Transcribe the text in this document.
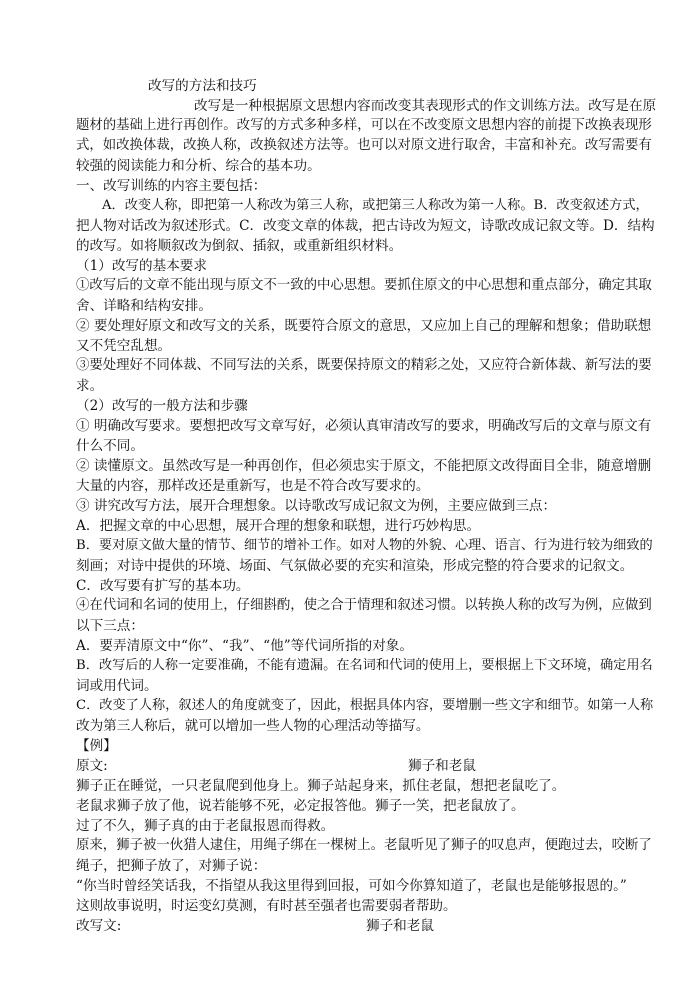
改写的方法和技巧
改写是一种根据原文思想内容而改变其表现形式的作文训练方法。改写是在原
题材的基础上进行再创作。改写的方式多种多样，可以在不改变原文思想内容的前提下改换表现形
式，如改换体裁，改换人称，改换叙述方法等。也可以对原文进行取舍，丰富和补充。改写需要有
较强的阅读能力和分析、综合的基本功。
一、改写训练的内容主要包括：
A．改变人称，即把第一人称改为第三人称，或把第三人称改为第一人称。B．改变叙述方式，
把人物对话改为叙述形式。C．改变文章的体裁，把古诗改为短文，诗歌改成记叙文等。D．结构
的改写。如将顺叙改为倒叙、插叙，或重新组织材料。
（1）改写的基本要求
①改写后的文章不能出现与原文不一致的中心思想。要抓住原文的中心思想和重点部分，确定其取
舍、详略和结构安排。
② 要处理好原文和改写文的关系，既要符合原文的意思，又应加上自己的理解和想象；借助联想
又不凭空乱想。
③要处理好不同体裁、不同写法的关系，既要保持原文的精彩之处，又应符合新体裁、新写法的要
求。
（2）改写的一般方法和步骤
① 明确改写要求。要想把改写文章写好，必须认真审清改写的要求，明确改写后的文章与原文有
什么不同。
② 读懂原文。虽然改写是一种再创作，但必须忠实于原文，不能把原文改得面目全非，随意增删
大量的内容，那样改还是重新写，也是不符合改写要求的。
③ 讲究改写方法，展开合理想象。以诗歌改写成记叙文为例，主要应做到三点：
A．把握文章的中心思想，展开合理的想象和联想，进行巧妙构思。
B．要对原文做大量的情节、细节的增补工作。如对人物的外貌、心理、语言、行为进行较为细致的
刻画；对诗中提供的环境、场面、气氛做必要的充实和渲染，形成完整的符合要求的记叙文。
C．改写要有扩写的基本功。
④在代词和名词的使用上，仔细斟酌，使之合于情理和叙述习惯。以转换人称的改写为例，应做到
以下三点：
A．要弄清原文中“你”、“我”、“他”等代词所指的对象。
B．改写后的人称一定要准确，不能有遗漏。在名词和代词的使用上，要根据上下文环境，确定用名
词或用代词。
C．改变了人称，叙述人的角度就变了，因此，根据具体内容，要增删一些文字和细节。如第一人称
改为第三人称后，就可以增加一些人物的心理活动等描写。
【例】
原文:	狮子和老鼠
狮子正在睡觉，一只老鼠爬到他身上。狮子站起身来，抓住老鼠，想把老鼠吃了。
老鼠求狮子放了他，说若能够不死，必定报答他。狮子一笑，把老鼠放了。
过了不久，狮子真的由于老鼠报恩而得救。
原来，狮子被一伙猎人逮住，用绳子绑在一棵树上。老鼠听见了狮子的叹息声，便跑过去，咬断了
绳子，把狮子放了，对狮子说：
“你当时曾经笑话我，不指望从我这里得到回报，可如今你算知道了，老鼠也是能够报恩的。”
这则故事说明，时运变幻莫测，有时甚至强者也需要弱者帮助。
改写文:	狮子和老鼠
